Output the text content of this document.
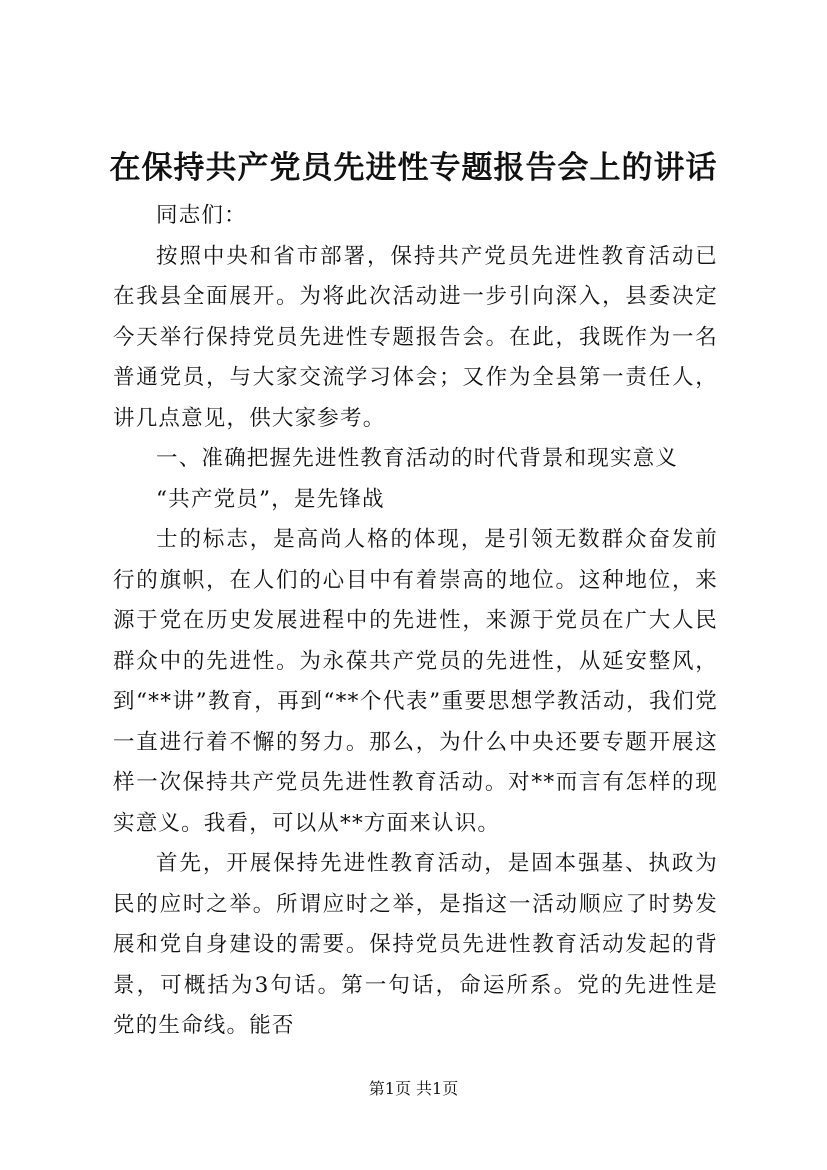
在保持共产党员先进性专题报告会上的讲话

同志们：

按照中央和省市部署，保持共产党员先进性教育活动已在我县全面展开。为将此次活动进一步引向深入，县委决定今天举行保持党员先进性专题报告会。在此，我既作为一名普通党员，与大家交流学习体会；又作为全县第一责任人，讲几点意见，供大家参考。

一、准确把握先进性教育活动的时代背景和现实意义

“共产党员”，是先锋战

士的标志，是高尚人格的体现，是引领无数群众奋发前行的旗帜，在人们的心目中有着崇高的地位。这种地位，来源于党在历史发展进程中的先进性，来源于党员在广大人民群众中的先进性。为永葆共产党员的先进性，从延安整风，到“**讲”教育，再到“**个代表”重要思想学教活动，我们党一直进行着不懈的努力。那么，为什么中央还要专题开展这样一次保持共产党员先进性教育活动。对**而言有怎样的现实意义。我看，可以从**方面来认识。

首先，开展保持先进性教育活动，是固本强基、执政为民的应时之举。所谓应时之举，是指这一活动顺应了时势发展和党自身建设的需要。保持党员先进性教育活动发起的背景，可概括为3句话。第一句话，命运所系。党的先进性是党的生命线。能否

第1页 共1页
